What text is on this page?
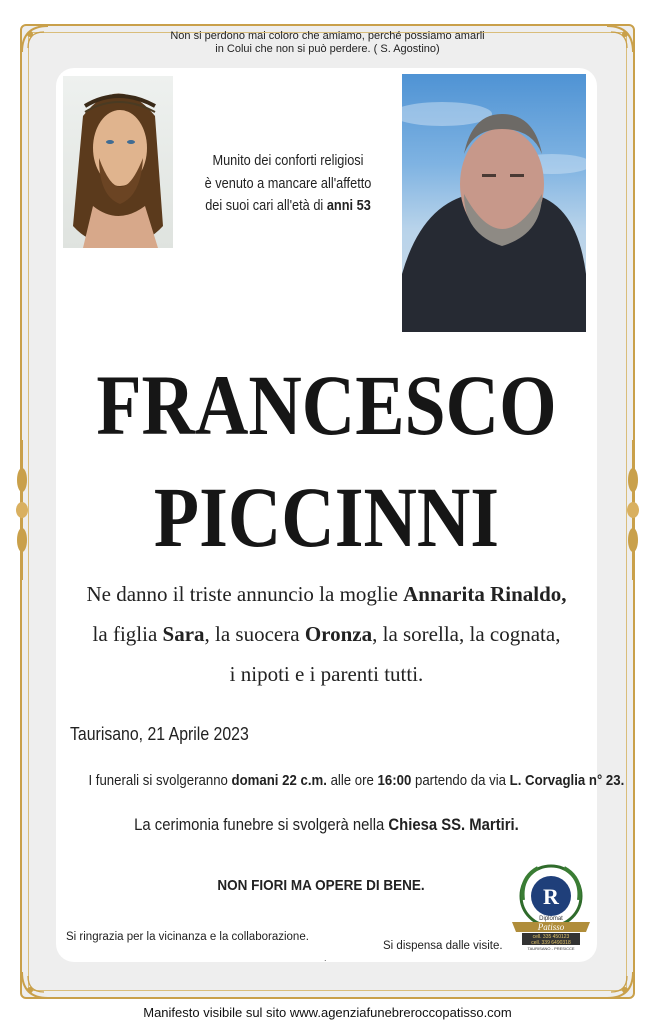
Non si perdono mai coloro che amiamo, perché possiamo amarli
in Colui che non si può perdere. ( S. Agostino)
Munito dei conforti religiosi
è venuto a mancare all'affetto
dei suoi cari all'età di anni 53
FRANCESCO
PICCINNI
Ne danno il triste annuncio la moglie Annarita Rinaldo,
la figlia Sara, la suocera Oronza, la sorella, la cognata,
i nipoti e i parenti tutti.
Taurisano, 21 Aprile 2023
I funerali si svolgeranno domani 22 c.m. alle ore 16:00 partendo da via L. Corvaglia n° 23.
La cerimonia funebre si svolgerà nella Chiesa SS. Martiri.
NON FIORI MA OPERE DI BENE.
Si ringrazia per la vicinanza e la collaborazione.
.
Si dispensa dalle visite.
R
Diplomat
Patisso
cell. 335 450123
cell. 339 6490318
TAURISANO - PRESICCE
Manifesto visibile sul sito www.agenziafunebreroccopatisso.com
